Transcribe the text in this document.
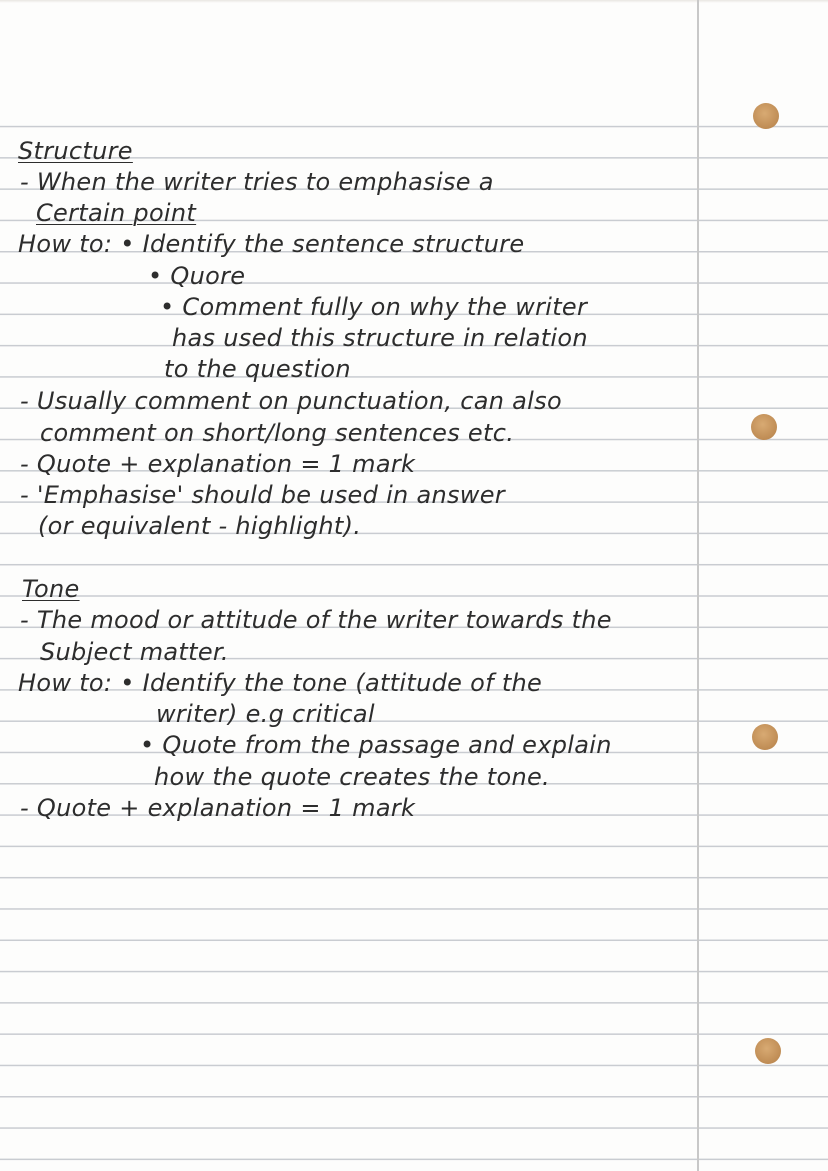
Structure
- When the writer tries to emphasise a
Certain point
How to: • Identify the sentence structure
• Quore
• Comment fully on why the writer
has used this structure in relation
to the question
- Usually comment on punctuation, can also
comment on short/long sentences etc.
- Quote + explanation = 1 mark
- 'Emphasise' should be used in answer
(or equivalent - highlight).
Tone
- The mood or attitude of the writer towards the
Subject matter.
How to: • Identify the tone (attitude of the
writer) e.g critical
• Quote from the passage and explain
how the quote creates the tone.
- Quote + explanation = 1 mark
